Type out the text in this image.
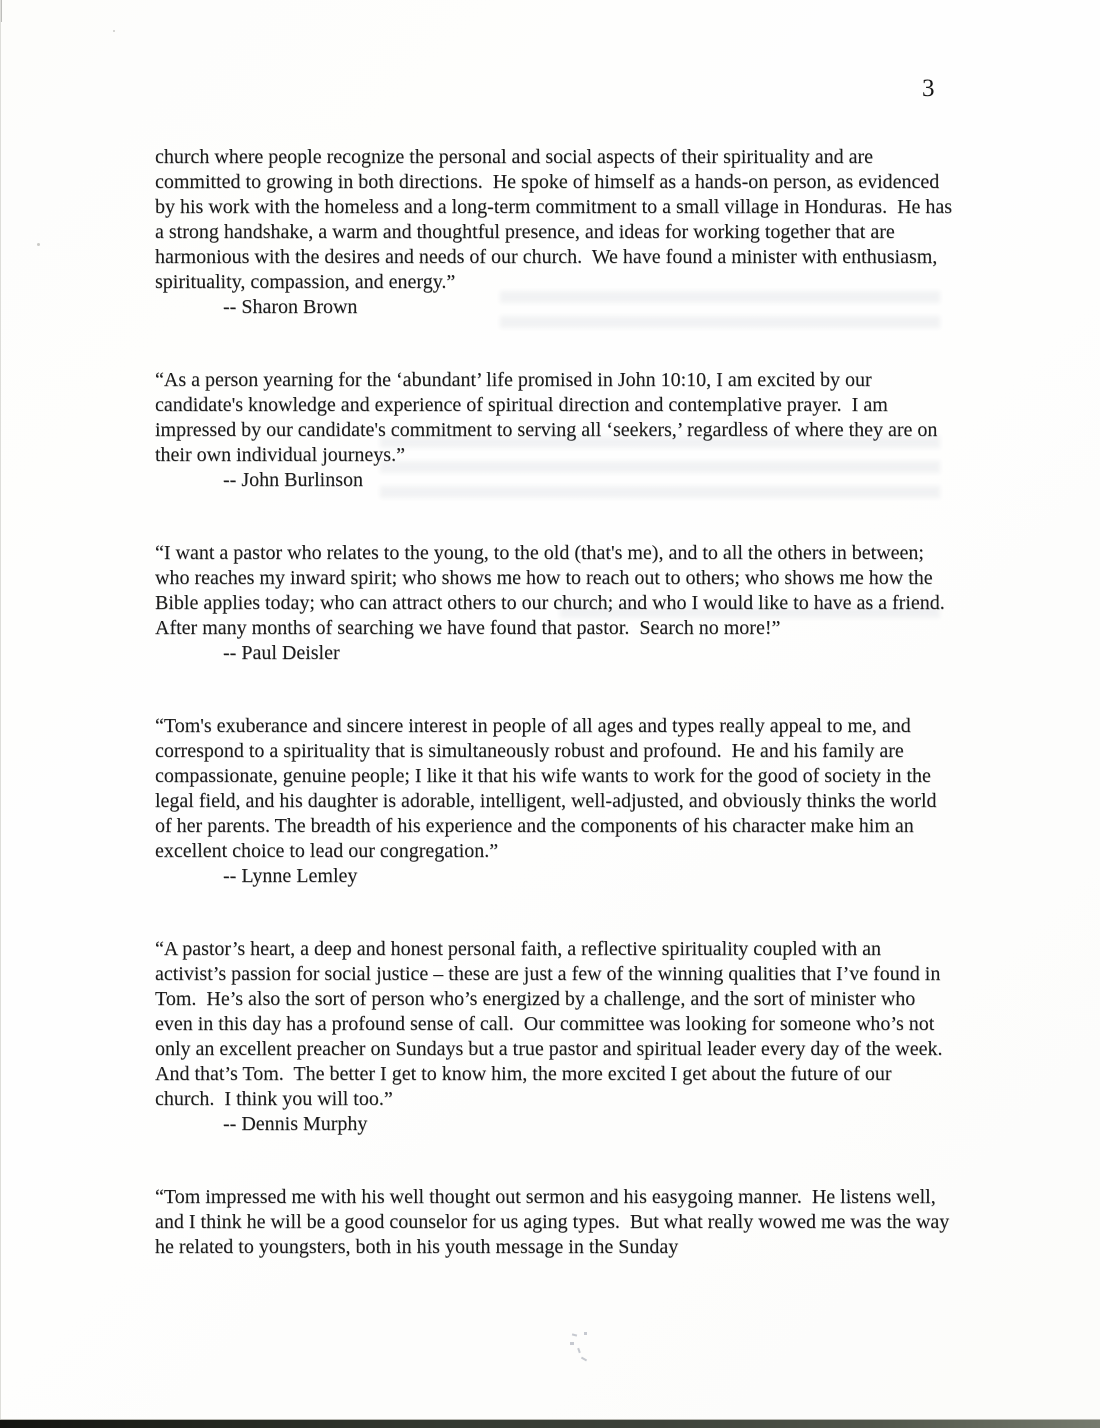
3

church where people recognize the personal and social aspects of their spirituality and are committed to growing in both directions.  He spoke of himself as a hands-on person, as evidenced by his work with the homeless and a long-term commitment to a small village in Honduras.  He has a strong handshake, a warm and thoughtful presence, and ideas for working together that are harmonious with the desires and needs of our church.  We have found a minister with enthusiasm, spirituality, compassion, and energy.”

-- Sharon Brown

“As a person yearning for the ‘abundant’ life promised in John 10:10, I am excited by our candidate's knowledge and experience of spiritual direction and contemplative prayer.  I am impressed by our candidate's commitment to serving all ‘seekers,’ regardless of where they are on their own individual journeys.”

-- John Burlinson

“I want a pastor who relates to the young, to the old (that's me), and to all the others in between; who reaches my inward spirit; who shows me how to reach out to others; who shows me how the Bible applies today; who can attract others to our church; and who I would like to have as a friend.  After many months of searching we have found that pastor.  Search no more!”

-- Paul Deisler

“Tom's exuberance and sincere interest in people of all ages and types really appeal to me, and correspond to a spirituality that is simultaneously robust and profound.  He and his family are compassionate, genuine people; I like it that his wife wants to work for the good of society in the legal field, and his daughter is adorable, intelligent, well-adjusted, and obviously thinks the world of her parents. The breadth of his experience and the components of his character make him an excellent choice to lead our congregation.”

-- Lynne Lemley

“A pastor’s heart, a deep and honest personal faith, a reflective spirituality coupled with an activist’s passion for social justice – these are just a few of the winning qualities that I’ve found in Tom.  He’s also the sort of person who’s energized by a challenge, and the sort of minister who even in this day has a profound sense of call.  Our committee was looking for someone who’s not only an excellent preacher on Sundays but a true pastor and spiritual leader every day of the week.  And that’s Tom.  The better I get to know him, the more excited I get about the future of our church.  I think you will too.”

-- Dennis Murphy

“Tom impressed me with his well thought out sermon and his easygoing manner.  He listens well, and I think he will be a good counselor for us aging types.  But what really wowed me was the way he related to youngsters, both in his youth message in the Sunday
